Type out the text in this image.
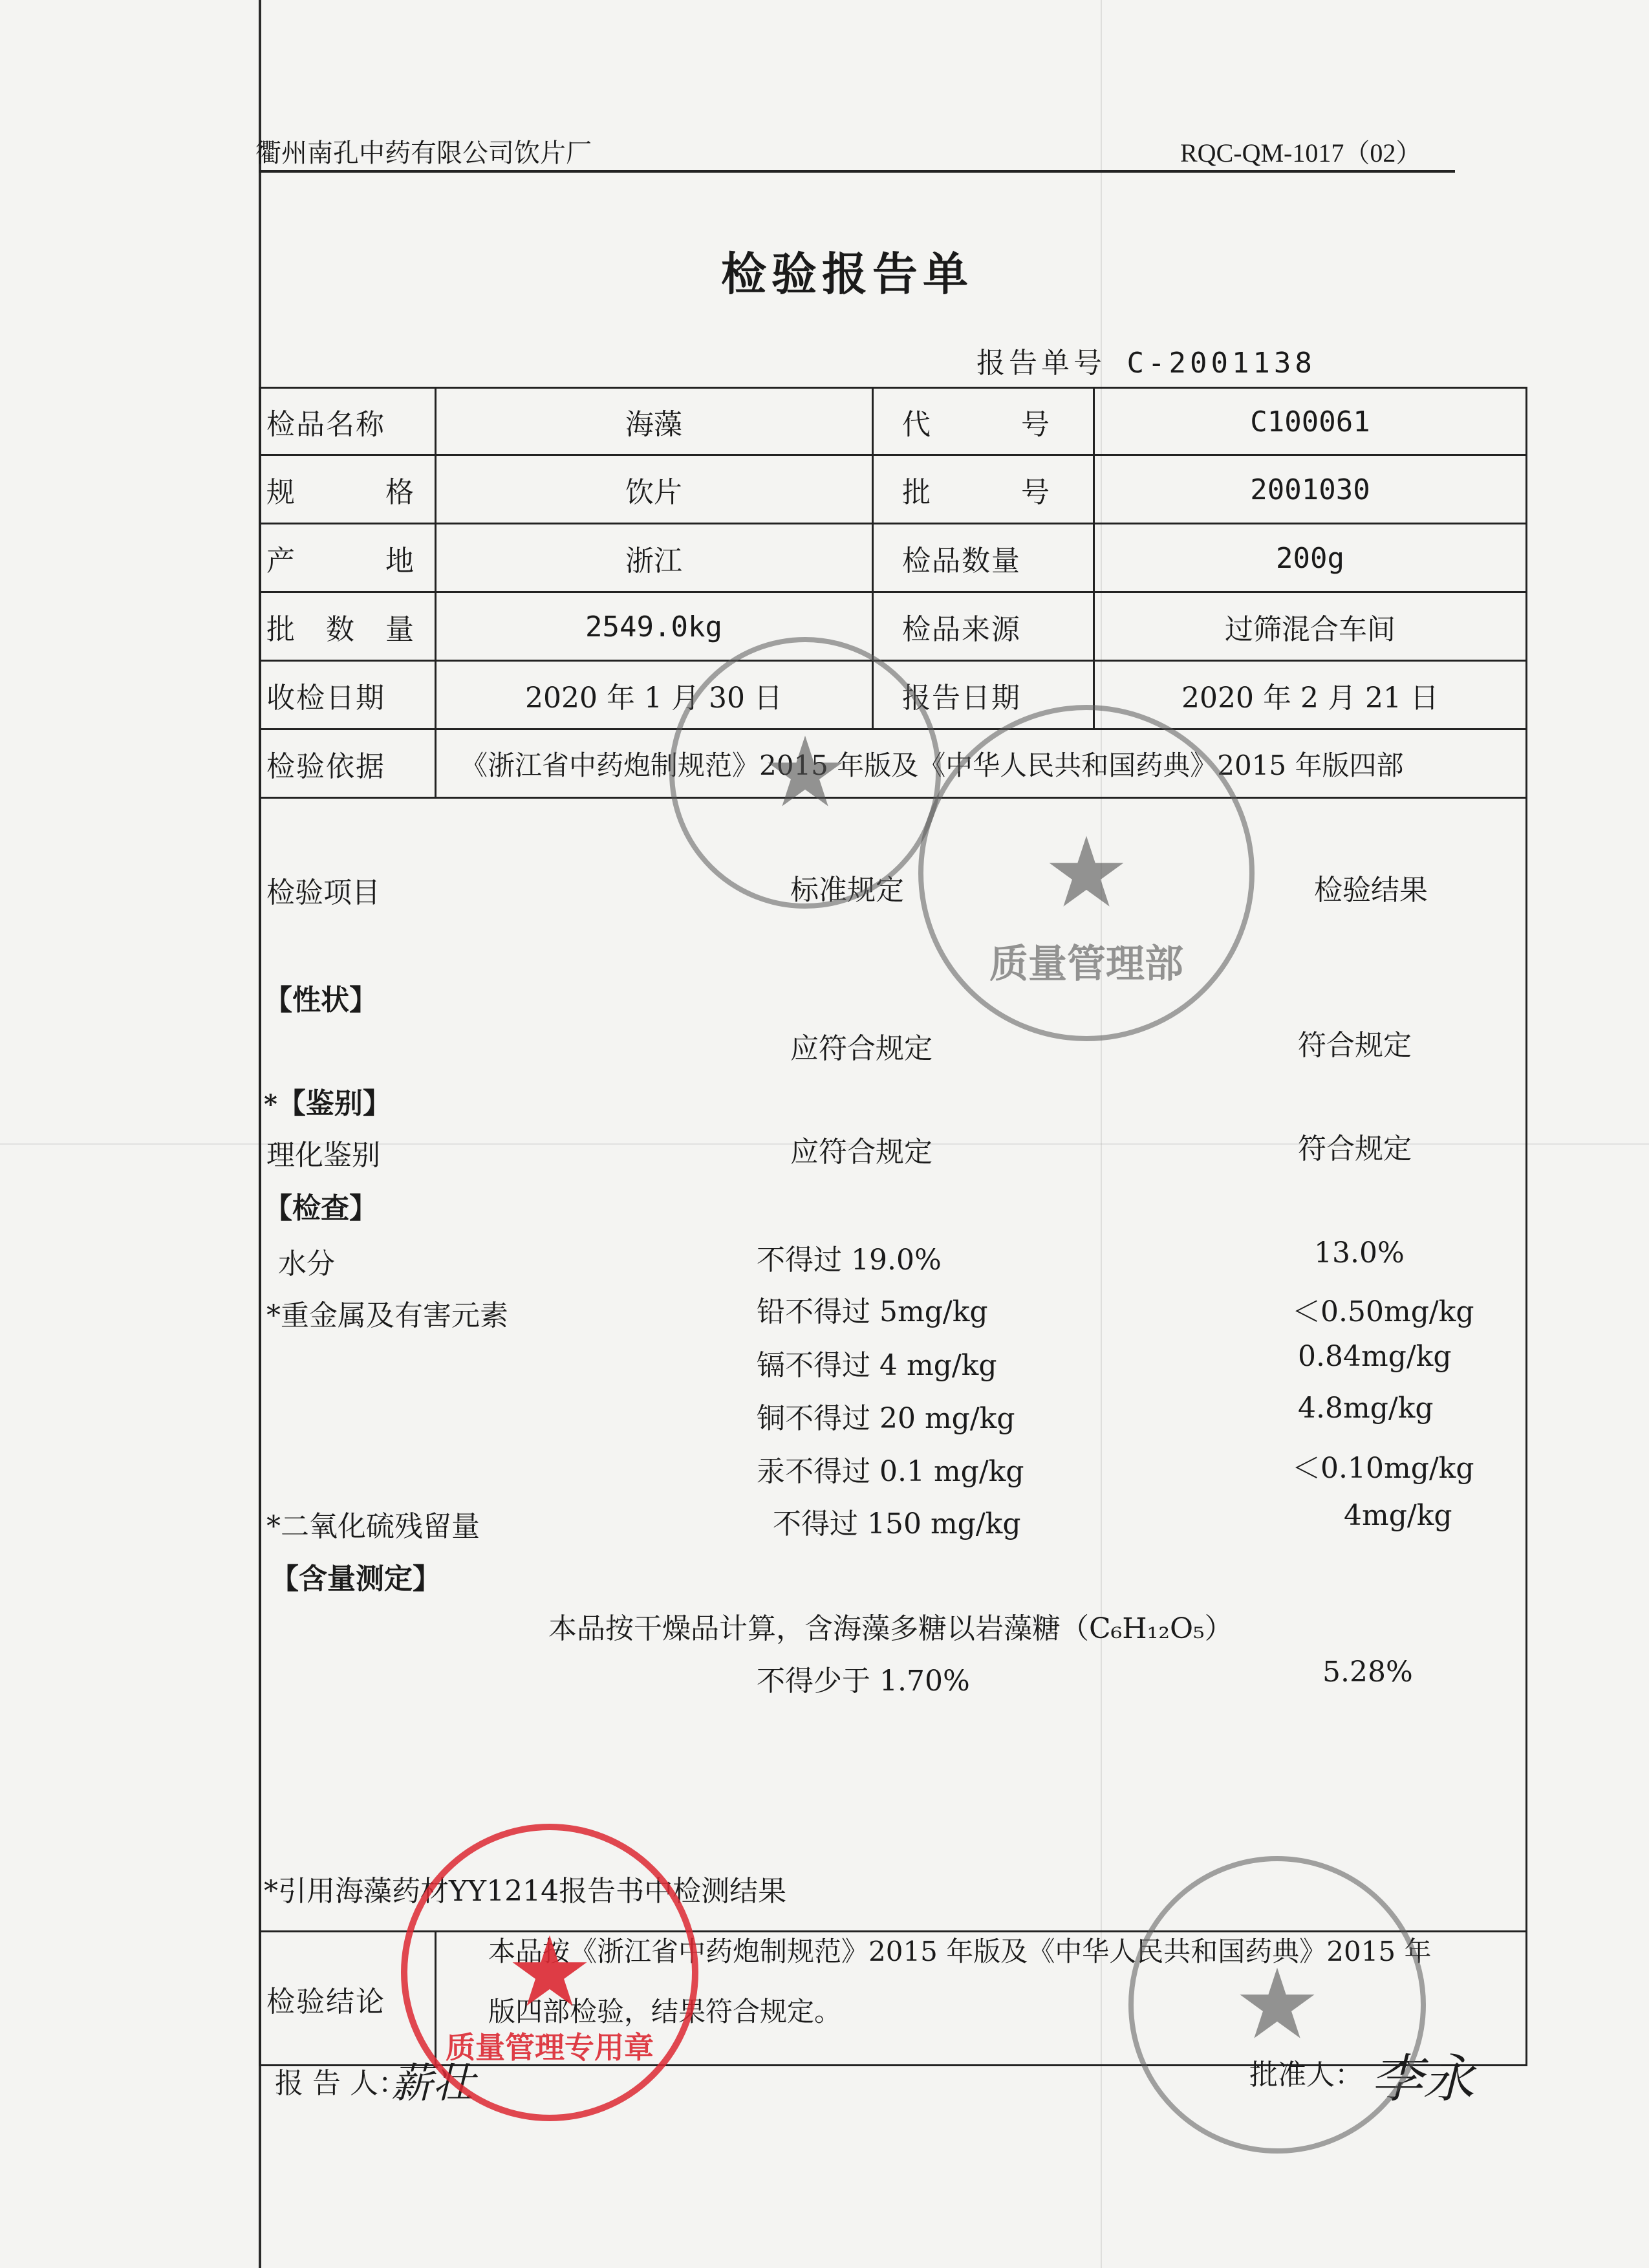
衢州南孔中药有限公司饮片厂	RQC-QM-1017（02）
检验报告单
报告单号 C-2001138
检品名称	海藻	代　　　号	C100061
规　　　格	饮片	批　　　号	2001030
产　　　地	浙江	检品数量	200g
批　数　量	2549.0kg	检品来源	过筛混合车间
收检日期	2020 年 1 月 30 日	报告日期	2020 年 2 月 21 日
检验依据	《浙江省中药炮制规范》2015 年版及《中华人民共和国药典》2015 年版四部
检验项目	标准规定	检验结果
【性状】
应符合规定	符合规定
*【鉴别】
理化鉴别	应符合规定	符合规定
【检查】
水分	不得过 19.0%	13.0%
*重金属及有害元素	铅不得过 5mg/kg	＜0.50mg/kg
镉不得过 4 mg/kg	0.84mg/kg
铜不得过 20 mg/kg	4.8mg/kg
汞不得过 0.1 mg/kg	＜0.10mg/kg
*二氧化硫残留量	不得过 150 mg/kg	4mg/kg
【含量测定】
本品按干燥品计算，含海藻多糖以岩藻糖（C₆H₁₂O₅）
不得少于 1.70%	5.28%
*引用海藻药材YY1214报告书中检测结果
检验结论
本品按《浙江省中药炮制规范》2015 年版及《中华人民共和国药典》2015 年
版四部检验，结果符合规定。
报 告 人：
薪壮	批准人： 李永
★
★
质量管理部
★
质量管理专用章	★
